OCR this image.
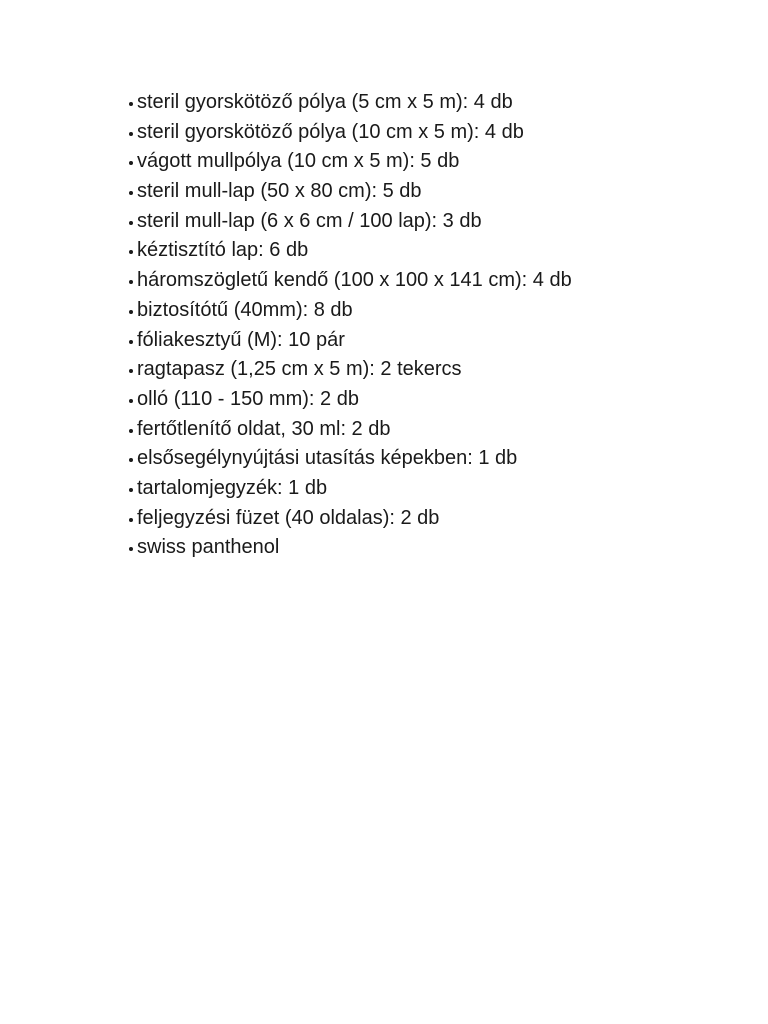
steril gyorskötöző pólya (5 cm x 5 m): 4 db
steril gyorskötöző pólya (10 cm x 5 m): 4 db
vágott mullpólya (10 cm x 5 m): 5 db
steril mull-lap (50 x 80 cm): 5 db
steril mull-lap (6 x 6 cm / 100 lap): 3 db
kéztisztító lap: 6 db
háromszögletű kendő (100 x 100 x 141 cm): 4 db
biztosítótű (40mm): 8 db
fóliakesztyű (M): 10 pár
ragtapasz (1,25 cm x 5 m): 2 tekercs
olló (110 - 150 mm): 2 db
fertőtlenítő oldat, 30 ml: 2 db
elsősegélynyújtási utasítás képekben: 1 db
tartalomjegyzék: 1 db
feljegyzési füzet (40 oldalas): 2 db
swiss panthenol
